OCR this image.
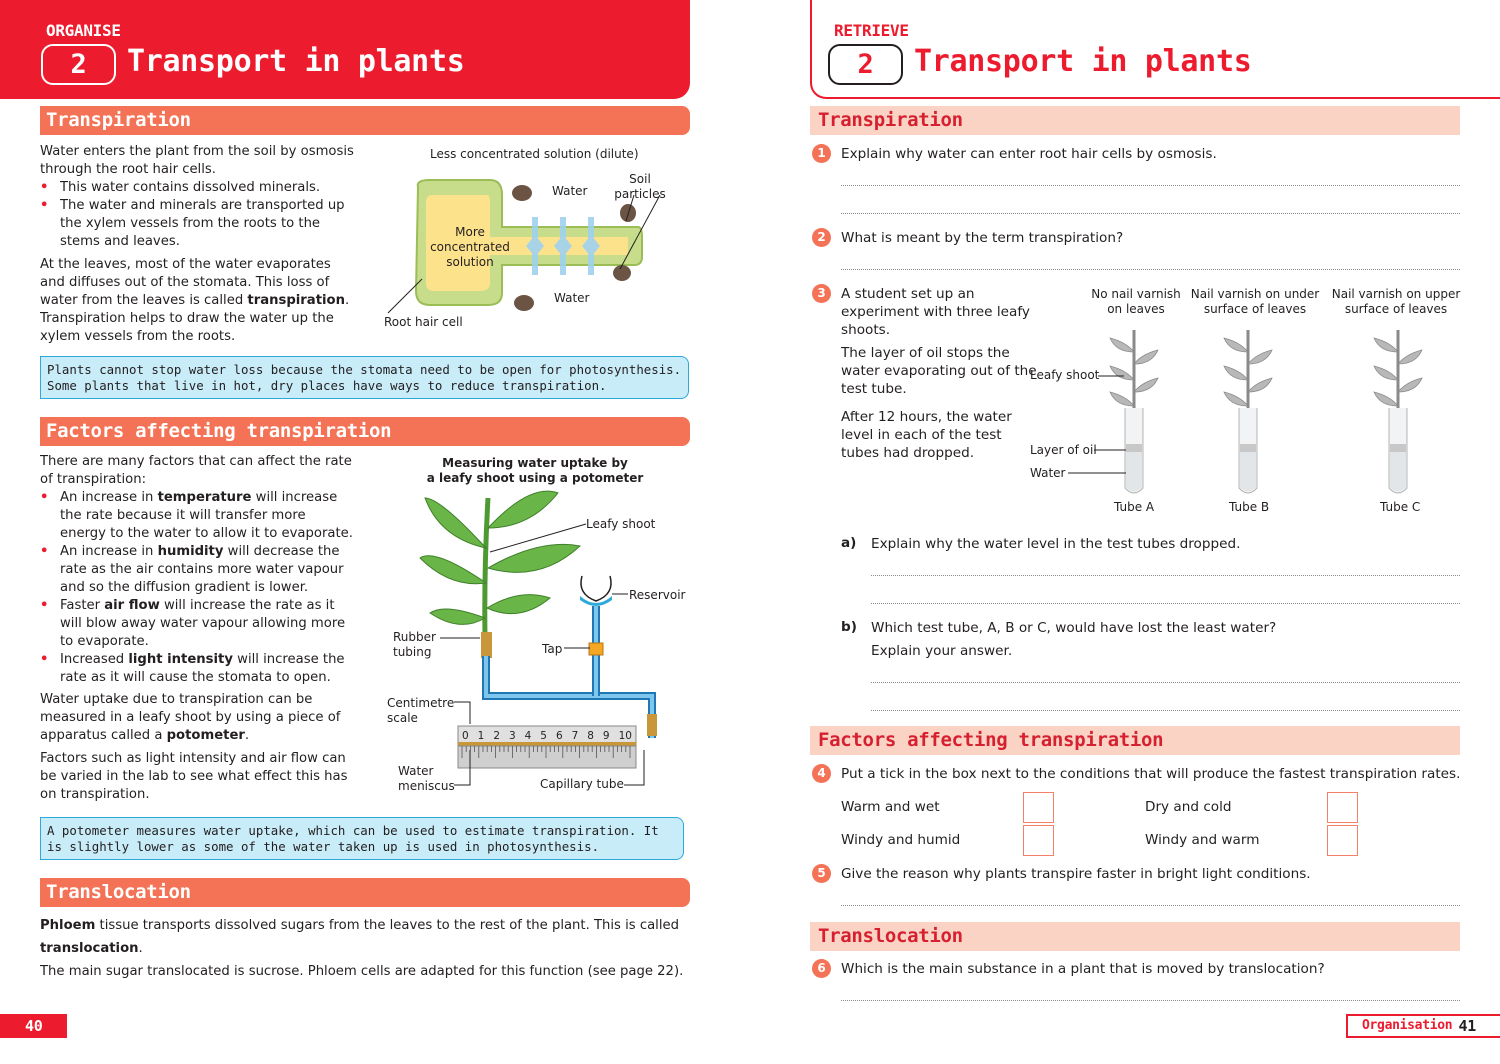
ORGANISE
2	Transport in plants
Transpiration

Water enters the plant from the soil by osmosis through the root hair cells.

• This water contains dissolved minerals.
• The water and minerals are transported up the xylem vessels from the roots to the stems and leaves.

At the leaves, most of the water evaporates and diffuses out of the stomata. This loss of water from the leaves is called transpiration. Transpiration helps to draw the water up the xylem vessels from the roots.

Less concentrated solution (dilute)
Water
Soil particles
More concentrated solution
Water
Root hair cell
Plants cannot stop water loss because the stomata need to be open for photosynthesis. Some plants that live in hot, dry places have ways to reduce transpiration.
Factors affecting transpiration

There are many factors that can affect the rate of transpiration:

• An increase in temperature will increase the rate because it will transfer more energy to the water to allow it to evaporate.
• An increase in humidity will decrease the rate as the air contains more water vapour and so the diffusion gradient is lower.
• Faster air flow will increase the rate as it will blow away water vapour allowing more to evaporate.
• Increased light intensity will increase the rate as it will cause the stomata to open.

Water uptake due to transpiration can be measured in a leafy shoot by using a piece of apparatus called a potometer.

Factors such as light intensity and air flow can be varied in the lab to see what effect this has on transpiration.

Measuring water uptake by
a leafy shoot using a potometer
0 1 2 3 4 5 6 7 8 9 10
Leafy shoot
Reservoir
Rubber tubing	Tap
Centimetre scale
Water meniscus	Capillary tube
A potometer measures water uptake, which can be used to estimate transpiration. It is slightly lower as some of the water taken up is used in photosynthesis.
Translocation

Phloem tissue transports dissolved sugars from the leaves to the rest of the plant. This is called translocation.

The main sugar translocated is sucrose. Phloem cells are adapted for this function (see page 22).

40
RETRIEVE
2	Transport in plants
Transpiration
1	Explain why water can enter root hair cells by osmosis.
2	What is meant by the term transpiration?
3	A student set up an experiment with three leafy shoots.

The layer of oil stops the water evaporating out of the test tube.

After 12 hours, the water level in each of the test tubes had dropped.

No nail varnish on leaves
Nail varnish on under surface of leaves
Nail varnish on upper surface of leaves
Leafy shoot
Layer of oil
Water
Tube A	Tube B	Tube C
a) Explain why the water level in the test tubes dropped.
b) Which test tube, A, B or C, would have lost the least water?
Explain your answer.
Factors affecting transpiration
4	Put a tick in the box next to the conditions that will produce the fastest transpiration rates.
Warm and wet	Dry and cold
Windy and humid	Windy and warm
5	Give the reason why plants transpire faster in bright light conditions.
Translocation
6	Which is the main substance in a plant that is moved by translocation?
Organisation 41
